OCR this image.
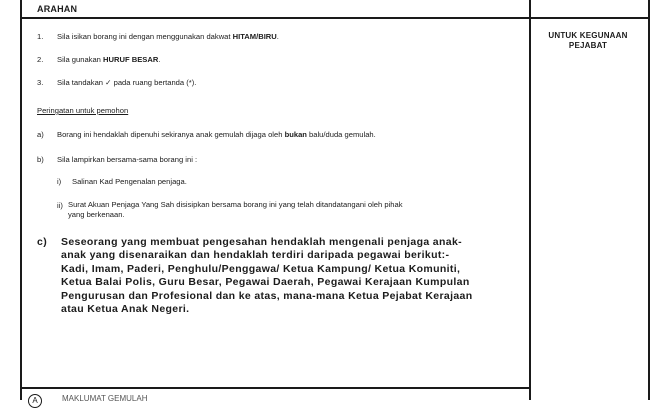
ARAHAN
UNTUK KEGUNAAN
PEJABAT
1. Sila isikan borang ini dengan menggunakan dakwat HITAM/BIRU.
2. Sila gunakan HURUF BESAR.
3. Sila tandakan ✓ pada ruang bertanda (*).
Peringatan untuk pemohon
a) Borang ini hendaklah dipenuhi sekiranya anak gemulah dijaga oleh bukan balu/duda gemulah.
b) Sila lampirkan bersama-sama borang ini :
i) Salinan Kad Pengenalan penjaga.
ii) Surat Akuan Penjaga Yang Sah disisipkan bersama borang ini yang telah ditandatangani oleh pihak
yang berkenaan.
c) Seseorang yang membuat pengesahan hendaklah mengenali penjaga anak-
anak yang disenaraikan dan hendaklah terdiri daripada pegawai berikut:-
Kadi, Imam, Paderi, Penghulu/Penggawa/ Ketua Kampung/ Ketua Komuniti,
Ketua Balai Polis, Guru Besar, Pegawai Daerah, Pegawai Kerajaan Kumpulan
Pengurusan dan Profesional dan ke atas, mana-mana Ketua Pejabat Kerajaan
atau Ketua Anak Negeri.
A	MAKLUMAT GEMULAH
